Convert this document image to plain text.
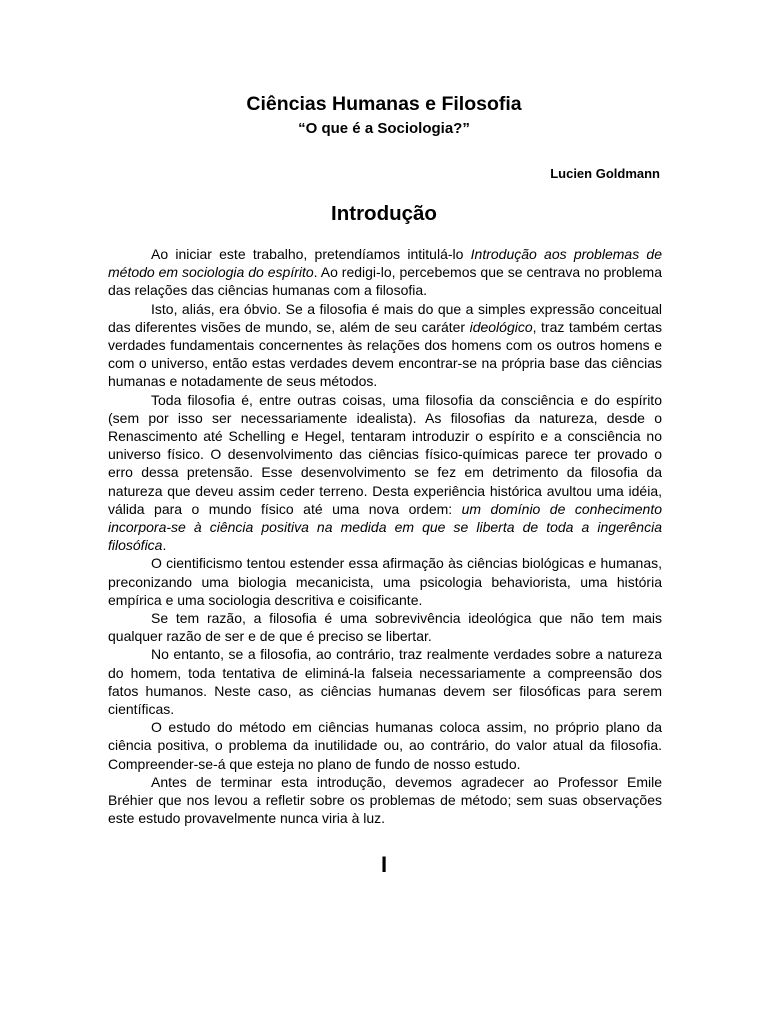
Ciências Humanas e Filosofia
“O que é a Sociologia?”
Lucien Goldmann
Introdução

Ao iniciar este trabalho, pretendíamos intitulá-lo Introdução aos problemas de método em sociologia do espírito. Ao redigi-lo, percebemos que se centrava no problema das relações das ciências humanas com a filosofia.

Isto, aliás, era óbvio. Se a filosofia é mais do que a simples expressão conceitual das diferentes visões de mundo, se, além de seu caráter ideológico, traz também certas verdades fundamentais concernentes às relações dos homens com os outros homens e com o universo, então estas verdades devem encontrar-se na própria base das ciências humanas e notadamente de seus métodos.

Toda filosofia é, entre outras coisas, uma filosofia da consciência e do espírito (sem por isso ser necessariamente idealista). As filosofias da natureza, desde o Renascimento até Schelling e Hegel, tentaram introduzir o espírito e a consciência no universo físico. O desenvolvimento das ciências físico-químicas parece ter provado o erro dessa pretensão. Esse desenvolvimento se fez em detrimento da filosofia da natureza que deveu assim ceder terreno. Desta experiência histórica avultou uma idéia, válida para o mundo físico até uma nova ordem: um domínio de conhecimento incorpora-se à ciência positiva na medida em que se liberta de toda a ingerência filosófica.

O cientificismo tentou estender essa afirmação às ciências biológicas e humanas, preconizando uma biologia mecanicista, uma psicologia behaviorista, uma história empírica e uma sociologia descritiva e coisificante.

Se tem razão, a filosofia é uma sobrevivência ideológica que não tem mais qualquer razão de ser e de que é preciso se libertar.

No entanto, se a filosofia, ao contrário, traz realmente verdades sobre a natureza do homem, toda tentativa de eliminá-la falseia necessariamente a compreensão dos fatos humanos. Neste caso, as ciências humanas devem ser filosóficas para serem científicas.

O estudo do método em ciências humanas coloca assim, no próprio plano da ciência positiva, o problema da inutilidade ou, ao contrário, do valor atual da filosofia. Compreender-se-á que esteja no plano de fundo de nosso estudo.

Antes de terminar esta introdução, devemos agradecer ao Professor Emile Bréhier que nos levou a refletir sobre os problemas de método; sem suas observações este estudo provavelmente nunca viria à luz.

I
